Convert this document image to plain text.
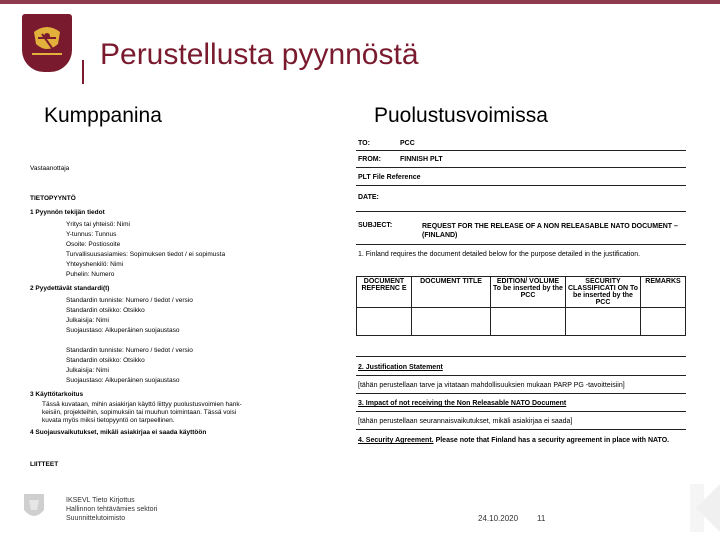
Perustellusta pyynnöstä
Kumppanina	Puolustusvoimissa
Vastaanottaja
TIETOPYYNTÖ
1 Pyynnön tekijän tiedot
Yritys tai yhteisö: Nimi
Y-tunnus: Tunnus
Osoite: Postiosoite
Turvallisuusasiamies: Sopimuksen tiedot / ei sopimusta
Yhteyshenkilö: Nimi
Puhelin: Numero
2 Pyydettävät standardi(t)
Standardin tunniste: Numero / tiedot / versio
Standardin otsikko: Otsikko
Julkaisija: Nimi
Suojaustaso: Alkuperäinen suojaustaso
Standardin tunniste: Numero / tiedot / versio
Standardin otsikko: Otsikko
Julkaisija: Nimi
Suojaustaso: Alkuperäinen suojaustaso
3 Käyttötarkoitus
Tässä kuvataan, mihin asiakirjan käyttö liittyy puolustusvoimien hank-
keisiin, projekteihin, sopimuksiin tai muuhun toimintaan. Tässä voisi
kuvata myös miksi tietopyyntö on tarpeellinen.
4 Suojausvaikutukset, mikäli asiakirjaa ei saada käyttöön
LIITTEET
TO:	PCC
FROM:	FINNISH PLT
PLT File Reference
DATE:
SUBJECT:	REQUEST FOR THE RELEASE OF A NON RELEASABLE NATO DOCUMENT – (FINLAND)
1. Finland requires the document detailed below for the purpose detailed in the justification.
DOCUMENT REFERENC E	DOCUMENT TITLE	EDITION/ VOLUME To be inserted by the PCC	SECURITY CLASSIFICATI ON To be inserted by the PCC	REMARKS

2. Justification Statement
[tähän perustellaan tarve ja vitataan mahdollisuuksien mukaan PARP PG -tavoitteisiin]
3. Impact of not receiving the Non Releasable NATO Document
[tähän perustellaan seurannaisvaikutukset, mikäli asiakirjaa ei saada]
4. Security Agreement. Please note that Finland has a security agreement in place with NATO.
IKSEVL Tieto Kirjottus
Hallinnon tehtävämies sektori
Suunnittelutoimisto	24.10.2020 11
